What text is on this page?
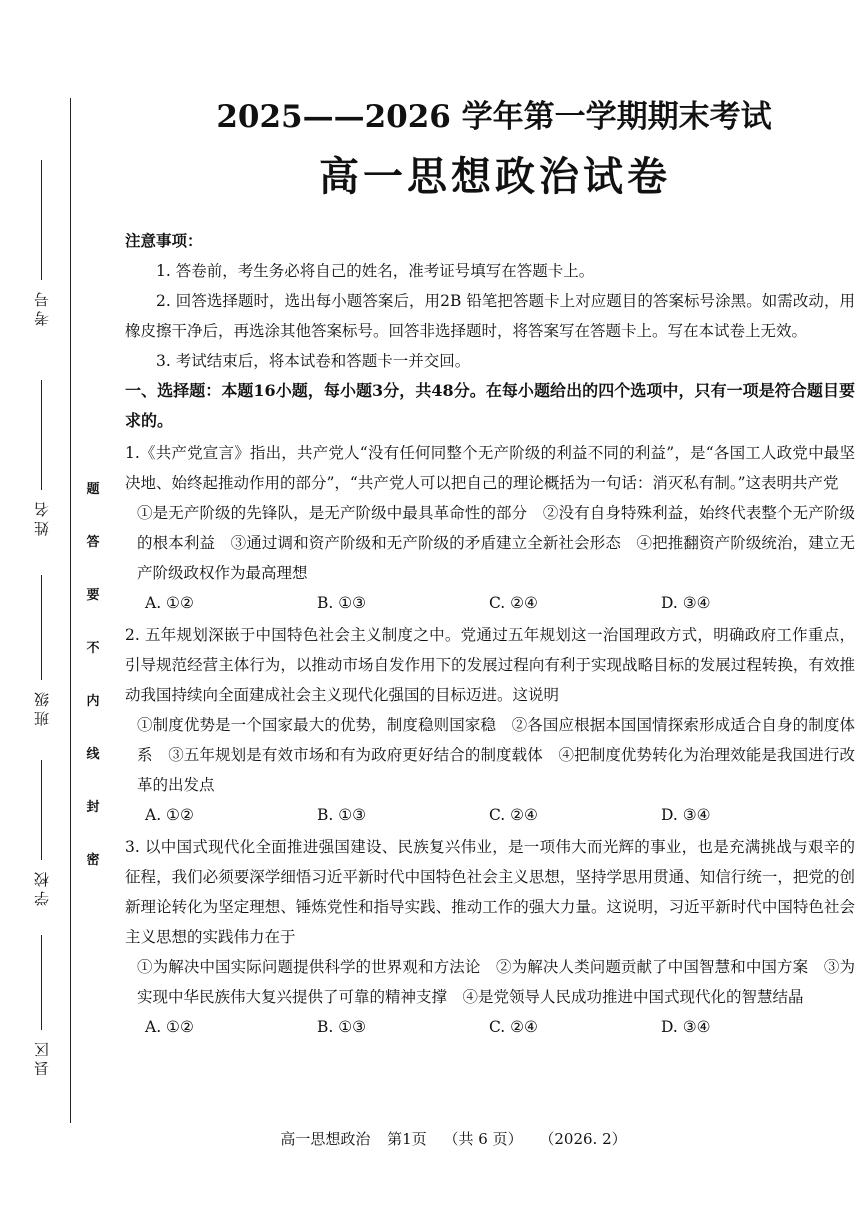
考号
姓名
班级
学校
县区
题
答
要
不
内
线
封
密
2025——2026 学年第一学期期末考试
高一思想政治试卷

注意事项：

1. 答卷前，考生务必将自己的姓名，准考证号填写在答题卡上。

2. 回答选择题时，选出每小题答案后，用2B 铅笔把答题卡上对应题目的答案标号涂黑。如需改动，用橡皮擦干净后，再选涂其他答案标号。回答非选择题时，将答案写在答题卡上。写在本试卷上无效。

3. 考试结束后，将本试卷和答题卡一并交回。

一、选择题：本题16小题，每小题3分，共48分。在每小题给出的四个选项中，只有一项是符合题目要求的。

1.《共产党宣言》指出，共产党人“没有任何同整个无产阶级的利益不同的利益”，是“各国工人政党中最坚决地、始终起推动作用的部分”，“共产党人可以把自己的理论概括为一句话：消灭私有制。”这表明共产党

①是无产阶级的先锋队，是无产阶级中最具革命性的部分　②没有自身特殊利益，始终代表整个无产阶级的根本利益　③通过调和资产阶级和无产阶级的矛盾建立全新社会形态　④把推翻资产阶级统治，建立无产阶级政权作为最高理想

A. ①②	B. ①③	C. ②④	D. ③④

2. 五年规划深嵌于中国特色社会主义制度之中。党通过五年规划这一治国理政方式，明确政府工作重点，引导规范经营主体行为，以推动市场自发作用下的发展过程向有利于实现战略目标的发展过程转换，有效推动我国持续向全面建成社会主义现代化强国的目标迈进。这说明

①制度优势是一个国家最大的优势，制度稳则国家稳　②各国应根据本国国情探索形成适合自身的制度体系　③五年规划是有效市场和有为政府更好结合的制度载体　④把制度优势转化为治理效能是我国进行改革的出发点

A. ①②	B. ①③	C. ②④	D. ③④

3. 以中国式现代化全面推进强国建设、民族复兴伟业，是一项伟大而光辉的事业，也是充满挑战与艰辛的征程，我们必须要深学细悟习近平新时代中国特色社会主义思想，坚持学思用贯通、知信行统一，把党的创新理论转化为坚定理想、锤炼党性和指导实践、推动工作的强大力量。这说明，习近平新时代中国特色社会主义思想的实践伟力在于

①为解决中国实际问题提供科学的世界观和方法论　②为解决人类问题贡献了中国智慧和中国方案　③为实现中华民族伟大复兴提供了可靠的精神支撑　④是党领导人民成功推进中国式现代化的智慧结晶

A. ①②	B. ①③	C. ②④	D. ③④
高一思想政治 第1页 （共 6 页） （2026. 2）
